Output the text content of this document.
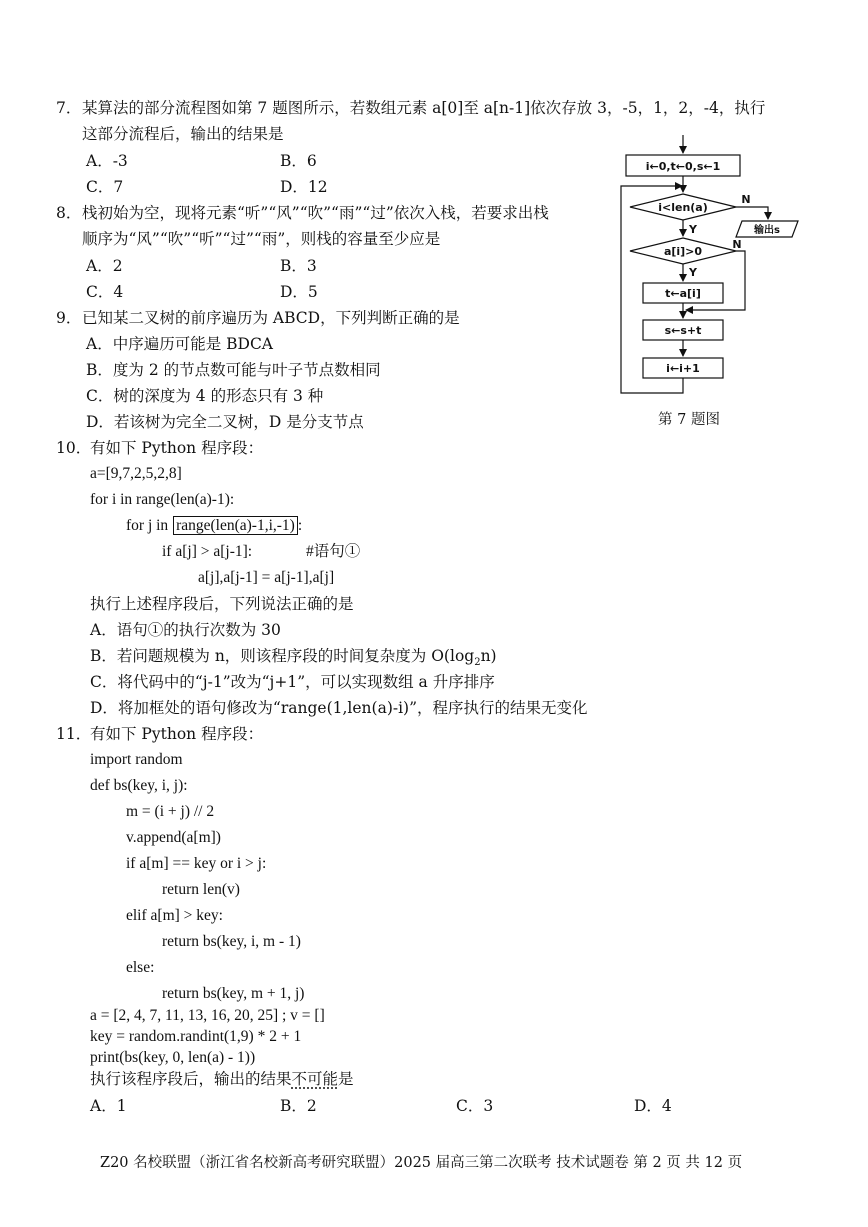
7． 某算法的部分流程图如第 7 题图所示，若数组元素 a[0]至 a[n-1]依次存放 3，-5，1，2，-4，执行
这部分流程后，输出的结果是
A．-3	B．6
C．7	D．12
8． 栈初始为空，现将元素“听”“风”“吹”“雨”“过”依次入栈，若要求出栈
顺序为“风”“吹”“听”“过”“雨”，则栈的容量至少应是
A．2	B．3
C．4	D．5
9． 已知某二叉树的前序遍历为 ABCD，下列判断正确的是
A．中序遍历可能是 BDCA
B．度为 2 的节点数可能与叶子节点数相同
C．树的深度为 4 的形态只有 3 种
D．若该树为完全二叉树，D 是分支节点
i←0,t←0,s←1
i<len(a)
输出s
a[i]>0
t←a[i]
s←s+t
i←i+1
N
Y
N
Y
第 7 题图
10．
有如下 Python 程序段：
a=[9,7,2,5,2,8]
for i in range(len(a)-1):
for j in range(len(a)-1,i,-1) :
if a[j] > a[j-1]:	#语句①
a[j],a[j-1] = a[j-1],a[j]
执行上述程序段后，下列说法正确的是
A．语句①的执行次数为 30
B．若问题规模为 n，则该程序段的时间复杂度为 $O(\log_2n)$
C．将代码中的“j-1”改为“j+1”，可以实现数组 a 升序排序
D．将加框处的语句修改为“range(1,len(a)-i)”，程序执行的结果无变化
11．
有如下 Python 程序段：
import random
def bs(key, i, j):
m = (i + j) // 2
v.append(a[m])
if a[m] == key or i > j:
return len(v)
elif a[m] > key:
return bs(key, i, m - 1)
else:
return bs(key, m + 1, j)
a = [2, 4, 7, 11, 13, 16, 20, 25] ; v = []
key = random.randint(1,9) * 2 + 1
print(bs(key, 0, len(a) - 1))
执行该程序段后，输出的结果不可能是
A．1	B．2	C．3	D．4
Z20 名校联盟（浙江省名校新高考研究联盟）2025 届高三第二次联考 技术试题卷 第 2 页 共 12 页
